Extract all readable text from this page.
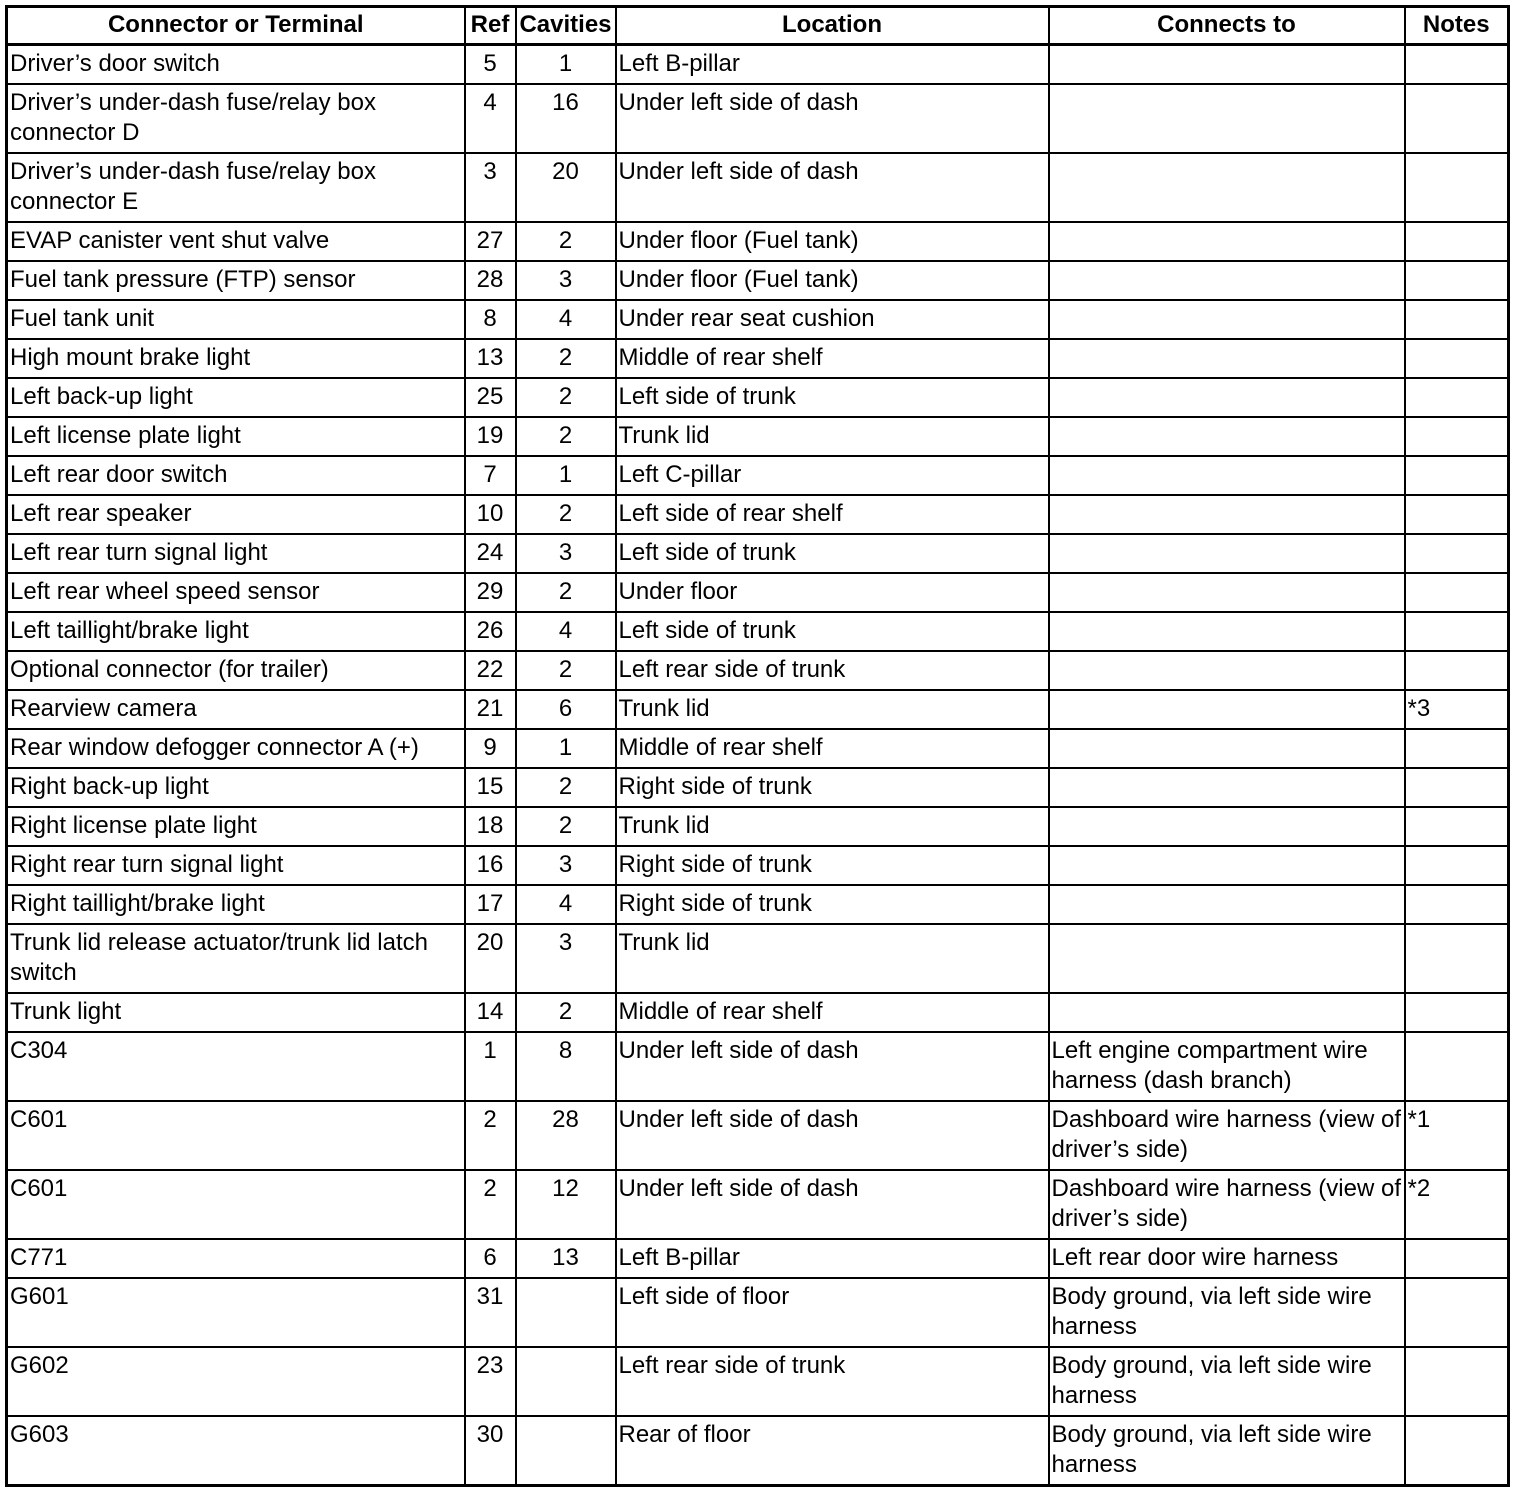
Connector or Terminal	Ref	Cavities	Location	Connects to	Notes
Driver’s door switch	5	1	Left B-pillar		
Driver’s under-dash fuse/relay box connector D	4	16	Under left side of dash		
Driver’s under-dash fuse/relay box connector E	3	20	Under left side of dash		
EVAP canister vent shut valve	27	2	Under floor (Fuel tank)		
Fuel tank pressure (FTP) sensor	28	3	Under floor (Fuel tank)		
Fuel tank unit	8	4	Under rear seat cushion		
High mount brake light	13	2	Middle of rear shelf		
Left back-up light	25	2	Left side of trunk		
Left license plate light	19	2	Trunk lid		
Left rear door switch	7	1	Left C-pillar		
Left rear speaker	10	2	Left side of rear shelf		
Left rear turn signal light	24	3	Left side of trunk		
Left rear wheel speed sensor	29	2	Under floor		
Left taillight/brake light	26	4	Left side of trunk		
Optional connector (for trailer)	22	2	Left rear side of trunk		
Rearview camera	21	6	Trunk lid		*3
Rear window defogger connector A (+)	9	1	Middle of rear shelf		
Right back-up light	15	2	Right side of trunk		
Right license plate light	18	2	Trunk lid		
Right rear turn signal light	16	3	Right side of trunk		
Right taillight/brake light	17	4	Right side of trunk		
Trunk lid release actuator/trunk lid latch switch	20	3	Trunk lid		
Trunk light	14	2	Middle of rear shelf		
C304	1	8	Under left side of dash	Left engine compartment wire harness (dash branch)	
C601	2	28	Under left side of dash	Dashboard wire harness (view of driver’s side)	*1
C601	2	12	Under left side of dash	Dashboard wire harness (view of driver’s side)	*2
C771	6	13	Left B-pillar	Left rear door wire harness	
G601	31		Left side of floor	Body ground, via left side wire harness	
G602	23		Left rear side of trunk	Body ground, via left side wire harness	
G603	30		Rear of floor	Body ground, via left side wire harness	
